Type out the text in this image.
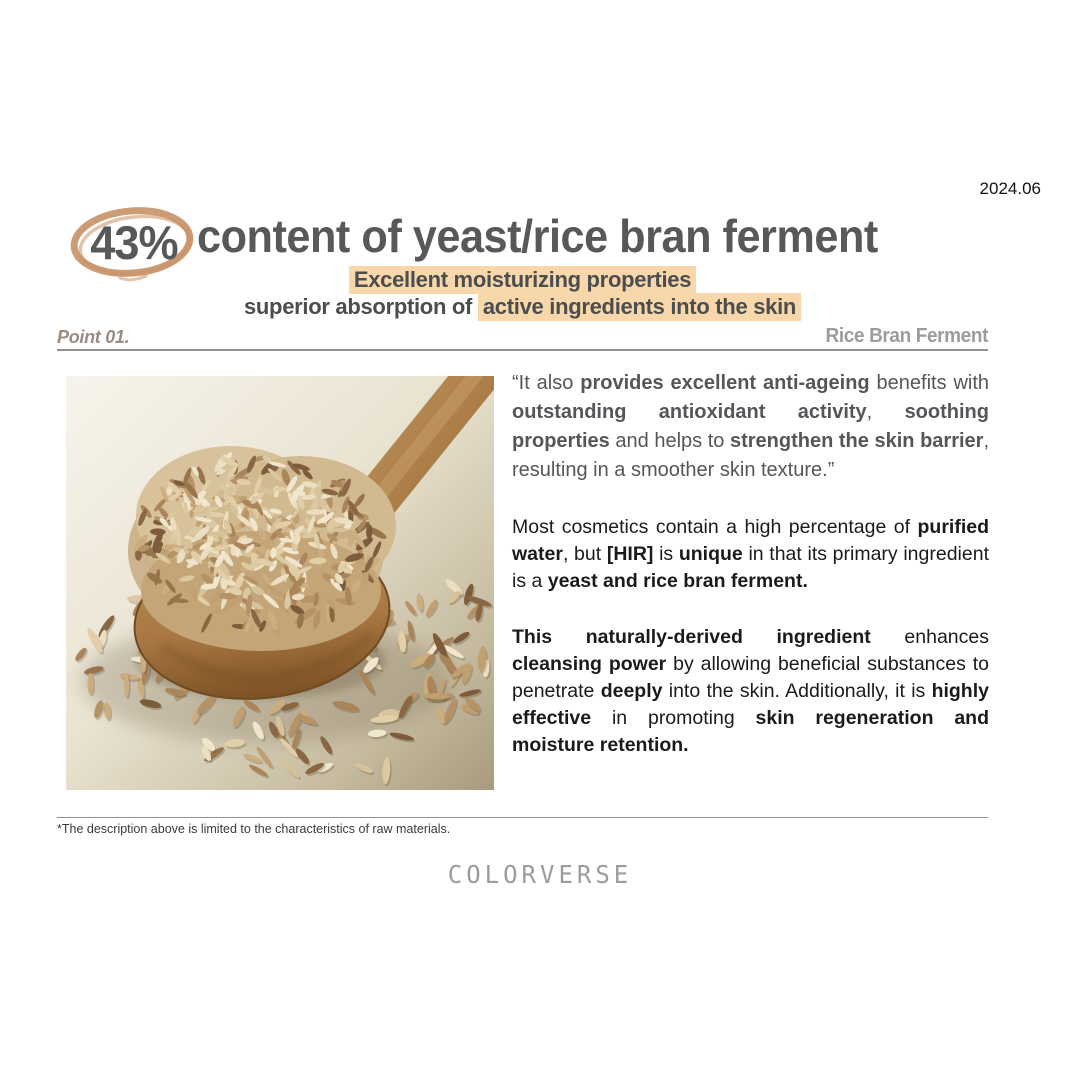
2024.06
43% content of yeast/rice bran ferment
Excellent moisturizing properties
superior absorption of active ingredients into the skin
Point 01.	Rice Bran Ferment

“It also provides excellent anti-ageing benefits with outstanding antioxidant activity, soothing properties and helps to strengthen the skin barrier, resulting in a smoother skin texture.”

Most cosmetics contain a high percentage of purified water, but [HIR] is unique in that its primary ingredient is a yeast and rice bran ferment.

This naturally-derived ingredient enhances cleansing power by allowing beneficial substances to penetrate deeply into the skin. Additionally, it is highly effective in promoting skin regeneration and moisture retention.

*The description above is limited to the characteristics of raw materials.
COLORVERSE
